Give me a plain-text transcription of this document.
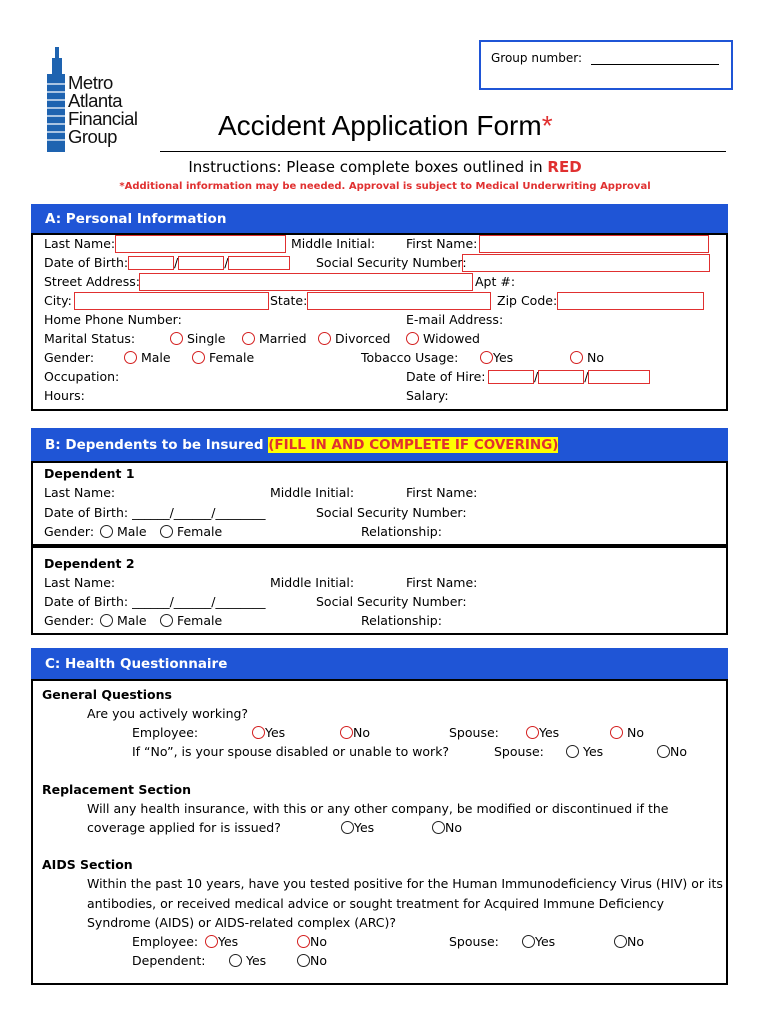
Metro
Atlanta
Financial
Group
Group number:
Accident Application Form*
Instructions: Please complete boxes outlined in RED
*Additional information may be needed. Approval is subject to Medical Underwriting Approval
A: Personal Information
Last Name:	Middle Initial: First Name:
Date of Birth:	/	/	Social Security Number:
Street Address:	Apt #:
City:	State:	Zip Code:
Home Phone Number:	E-mail Address:
Marital Status:	Single	Married	Divorced	Widowed
Gender:	Male	Female	Tobacco Usage:	Yes	No
Occupation:	Date of Hire:	/	/
Hours:	Salary:
B: Dependents to be Insured (FILL IN AND COMPLETE IF COVERING)
Dependent 1
Last Name:	Middle Initial:	First Name:
Date of Birth: ______/______/________	Social Security Number:
Gender:	Male	Female	Relationship:
Dependent 2
Last Name:	Middle Initial:	First Name:
Date of Birth: ______/______/________	Social Security Number:
Gender:	Male	Female	Relationship:
C: Health Questionnaire
General Questions
Are you actively working?
Employee:	Yes	No	Spouse:	Yes	No
If “No”, is your spouse disabled or unable to work?	Spouse:	Yes	No
Replacement Section
Will any health insurance, with this or any other company, be modified or discontinued if the
coverage applied for is issued?	Yes	No
AIDS Section
Within the past 10 years, have you tested positive for the Human Immunodeficiency Virus (HIV) or its
antibodies, or received medical advice or sought treatment for Acquired Immune Deficiency
Syndrome (AIDS) or AIDS-related complex (ARC)?
Employee:	Yes	No	Spouse:	Yes	No
Dependent:	Yes	No
